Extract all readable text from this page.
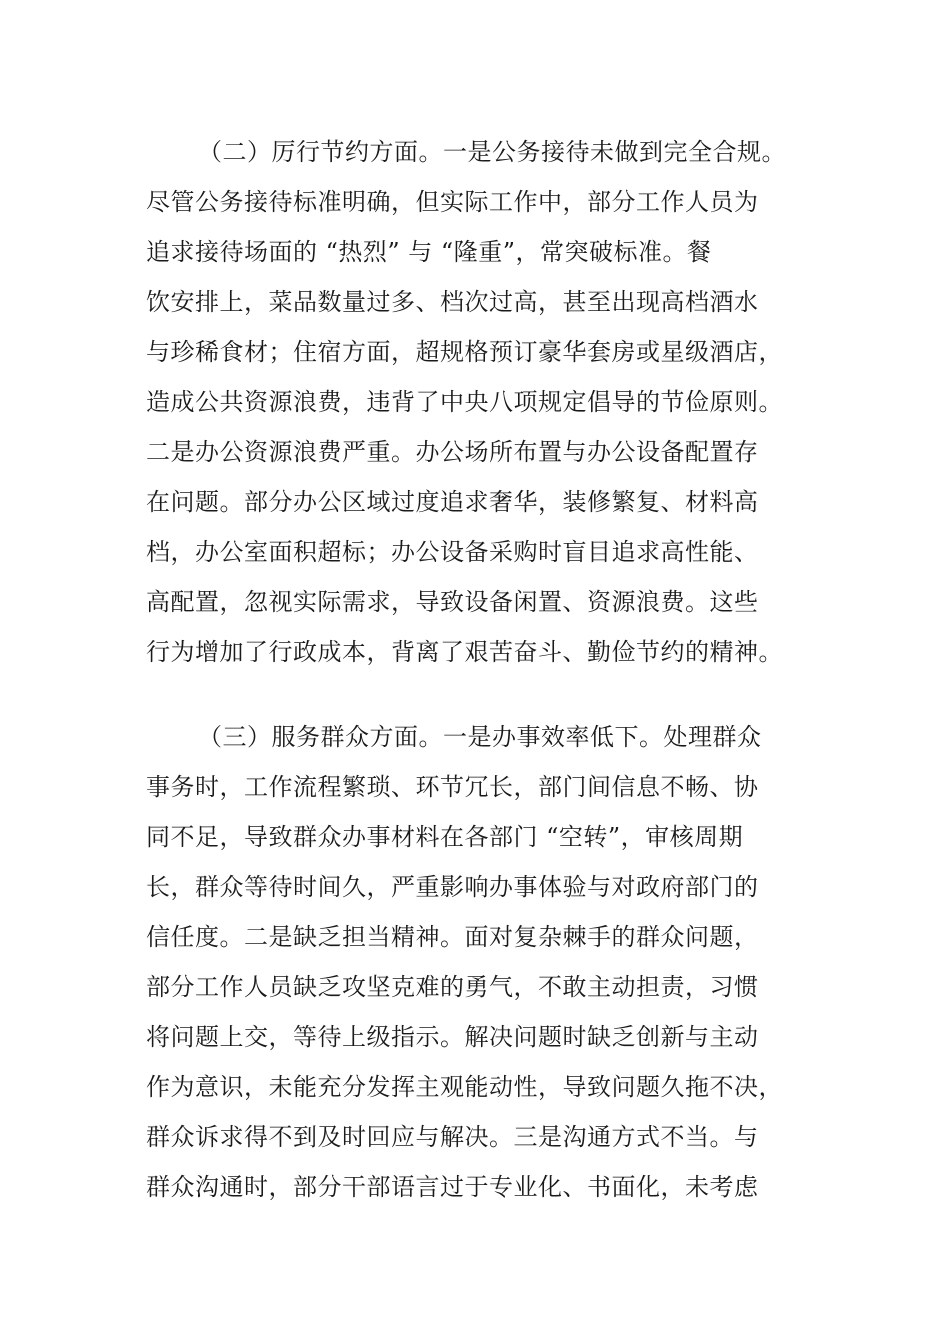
（二）厉行节约方面。一是公务接待未做到完全合规。
尽管公务接待标准明确，但实际工作中，部分工作人员为
追求接待场面的 “热烈” 与 “隆重”，常突破标准。餐
饮安排上，菜品数量过多、档次过高，甚至出现高档酒水
与珍稀食材；住宿方面，超规格预订豪华套房或星级酒店，
造成公共资源浪费，违背了中央八项规定倡导的节俭原则。
二是办公资源浪费严重。办公场所布置与办公设备配置存
在问题。部分办公区域过度追求奢华，装修繁复、材料高
档，办公室面积超标；办公设备采购时盲目追求高性能、
高配置，忽视实际需求，导致设备闲置、资源浪费。这些
行为增加了行政成本，背离了艰苦奋斗、勤俭节约的精神。
（三）服务群众方面。一是办事效率低下。处理群众
事务时，工作流程繁琐、环节冗长，部门间信息不畅、协
同不足，导致群众办事材料在各部门 “空转”，审核周期
长，群众等待时间久，严重影响办事体验与对政府部门的
信任度。二是缺乏担当精神。面对复杂棘手的群众问题，
部分工作人员缺乏攻坚克难的勇气，不敢主动担责，习惯
将问题上交，等待上级指示。解决问题时缺乏创新与主动
作为意识，未能充分发挥主观能动性，导致问题久拖不决，
群众诉求得不到及时回应与解决。三是沟通方式不当。与
群众沟通时，部分干部语言过于专业化、书面化，未考虑
